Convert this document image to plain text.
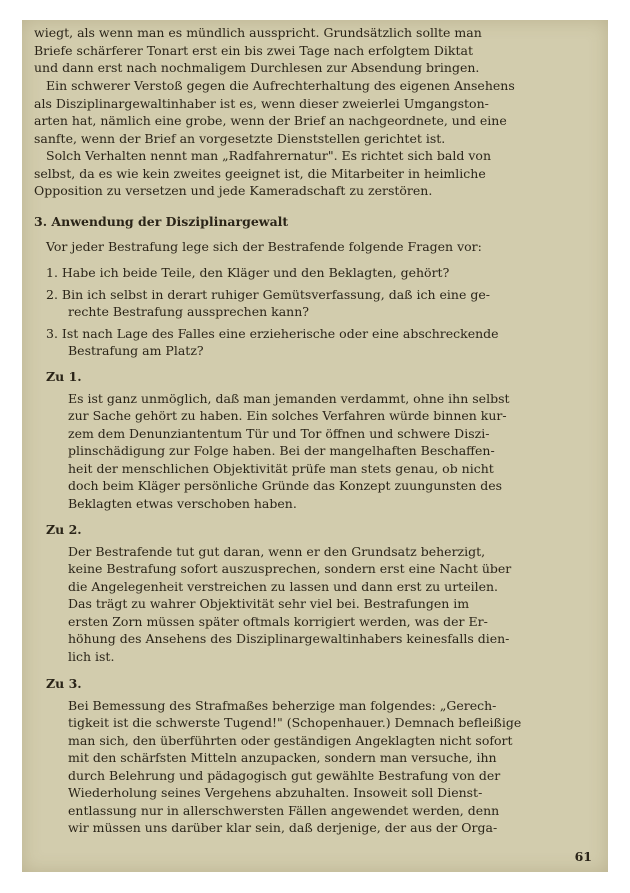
wiegt, als wenn man es mündlich ausspricht. Grundsätzlich sollte man
Briefe schärferer Tonart erst ein bis zwei Tage nach erfolgtem Diktat
und dann erst nach nochmaligem Durchlesen zur Absendung bringen.
Ein schwerer Verstoß gegen die Aufrechterhaltung des eigenen Ansehens
als Disziplinargewaltinhaber ist es, wenn dieser zweierlei Umgangston-
arten hat, nämlich eine grobe, wenn der Brief an nachgeordnete, und eine
sanfte, wenn der Brief an vorgesetzte Dienststellen gerichtet ist.
Solch Verhalten nennt man „Radfahrernatur". Es richtet sich bald von
selbst, da es wie kein zweites geeignet ist, die Mitarbeiter in heimliche
Opposition zu versetzen und jede Kameradschaft zu zerstören.
3. Anwendung der Disziplinargewalt
Vor jeder Bestrafung lege sich der Bestrafende folgende Fragen vor:
1. Habe ich beide Teile, den Kläger und den Beklagten, gehört?
2. Bin ich selbst in derart ruhiger Gemütsverfassung, daß ich eine ge-
rechte Bestrafung aussprechen kann?
3. Ist nach Lage des Falles eine erzieherische oder eine abschreckende
Bestrafung am Platz?
Zu 1.
Es ist ganz unmöglich, daß man jemanden verdammt, ohne ihn selbst
zur Sache gehört zu haben. Ein solches Verfahren würde binnen kur-
zem dem Denunziantentum Tür und Tor öffnen und schwere Diszi-
plinschädigung zur Folge haben. Bei der mangelhaften Beschaffen-
heit der menschlichen Objektivität prüfe man stets genau, ob nicht
doch beim Kläger persönliche Gründe das Konzept zuungunsten des
Beklagten etwas verschoben haben.
Zu 2.
Der Bestrafende tut gut daran, wenn er den Grundsatz beherzigt,
keine Bestrafung sofort auszusprechen, sondern erst eine Nacht über
die Angelegenheit verstreichen zu lassen und dann erst zu urteilen.
Das trägt zu wahrer Objektivität sehr viel bei. Bestrafungen im
ersten Zorn müssen später oftmals korrigiert werden, was der Er-
höhung des Ansehens des Disziplinargewaltinhabers keinesfalls dien-
lich ist.
Zu 3.
Bei Bemessung des Strafmaßes beherzige man folgendes: „Gerech-
tigkeit ist die schwerste Tugend!" (Schopenhauer.) Demnach befleißige
man sich, den überführten oder geständigen Angeklagten nicht sofort
mit den schärfsten Mitteln anzupacken, sondern man versuche, ihn
durch Belehrung und pädagogisch gut gewählte Bestrafung von der
Wiederholung seines Vergehens abzuhalten. Insoweit soll Dienst-
entlassung nur in allerschwersten Fällen angewendet werden, denn
wir müssen uns darüber klar sein, daß derjenige, der aus der Orga-
61
